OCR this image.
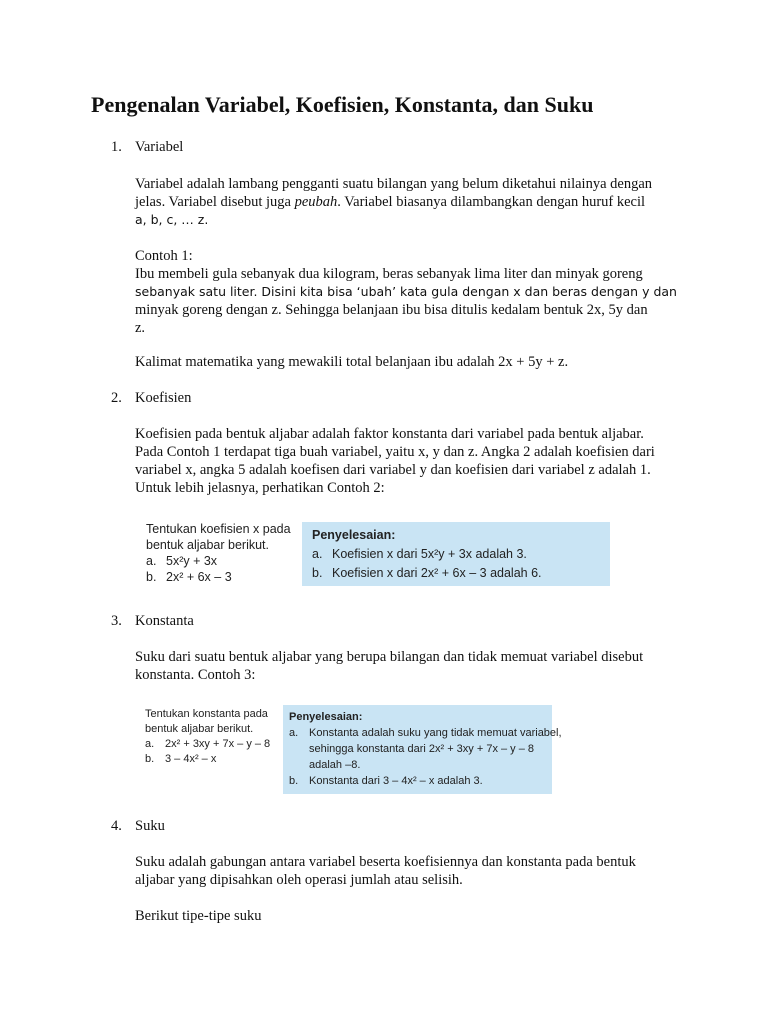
Pengenalan Variabel, Koefisien, Konstanta, dan Suku
1. Variabel
Variabel adalah lambang pengganti suatu bilangan yang belum diketahui nilainya dengan
jelas. Variabel disebut juga peubah. Variabel biasanya dilambangkan dengan huruf kecil
a, b, c, … z.
Contoh 1:
Ibu membeli gula sebanyak dua kilogram, beras sebanyak lima liter dan minyak goreng
sebanyak satu liter. Disini kita bisa ‘ubah’ kata gula dengan x dan beras dengan y dan
minyak goreng dengan z. Sehingga belanjaan ibu bisa ditulis kedalam bentuk 2x, 5y dan
z.
Kalimat matematika yang mewakili total belanjaan ibu adalah 2x + 5y + z.
2. Koefisien
Koefisien pada bentuk aljabar adalah faktor konstanta dari variabel pada bentuk aljabar.
Pada Contoh 1 terdapat tiga buah variabel, yaitu x, y dan z. Angka 2 adalah koefisien dari
variabel x, angka 5 adalah koefisen dari variabel y dan koefisien dari variabel z adalah 1.
Untuk lebih jelasnya, perhatikan Contoh 2:
Tentukan koefisien x pada
bentuk aljabar berikut.
a. 5x²y + 3x
b. 2x² + 6x – 3
Penyelesaian:
a. Koefisien x dari 5x²y + 3x adalah 3.
b. Koefisien x dari 2x² + 6x – 3 adalah 6.
3. Konstanta
Suku dari suatu bentuk aljabar yang berupa bilangan dan tidak memuat variabel disebut
konstanta. Contoh 3:
Tentukan konstanta pada
bentuk aljabar berikut.
a. 2x² + 3xy + 7x – y – 8
b. 3 – 4x² – x
Penyelesaian:
a. Konstanta adalah suku yang tidak memuat variabel,
sehingga konstanta dari 2x² + 3xy + 7x – y – 8
adalah –8.
b. Konstanta dari 3 – 4x² – x adalah 3.
4. Suku
Suku adalah gabungan antara variabel beserta koefisiennya dan konstanta pada bentuk
aljabar yang dipisahkan oleh operasi jumlah atau selisih.
Berikut tipe-tipe suku
